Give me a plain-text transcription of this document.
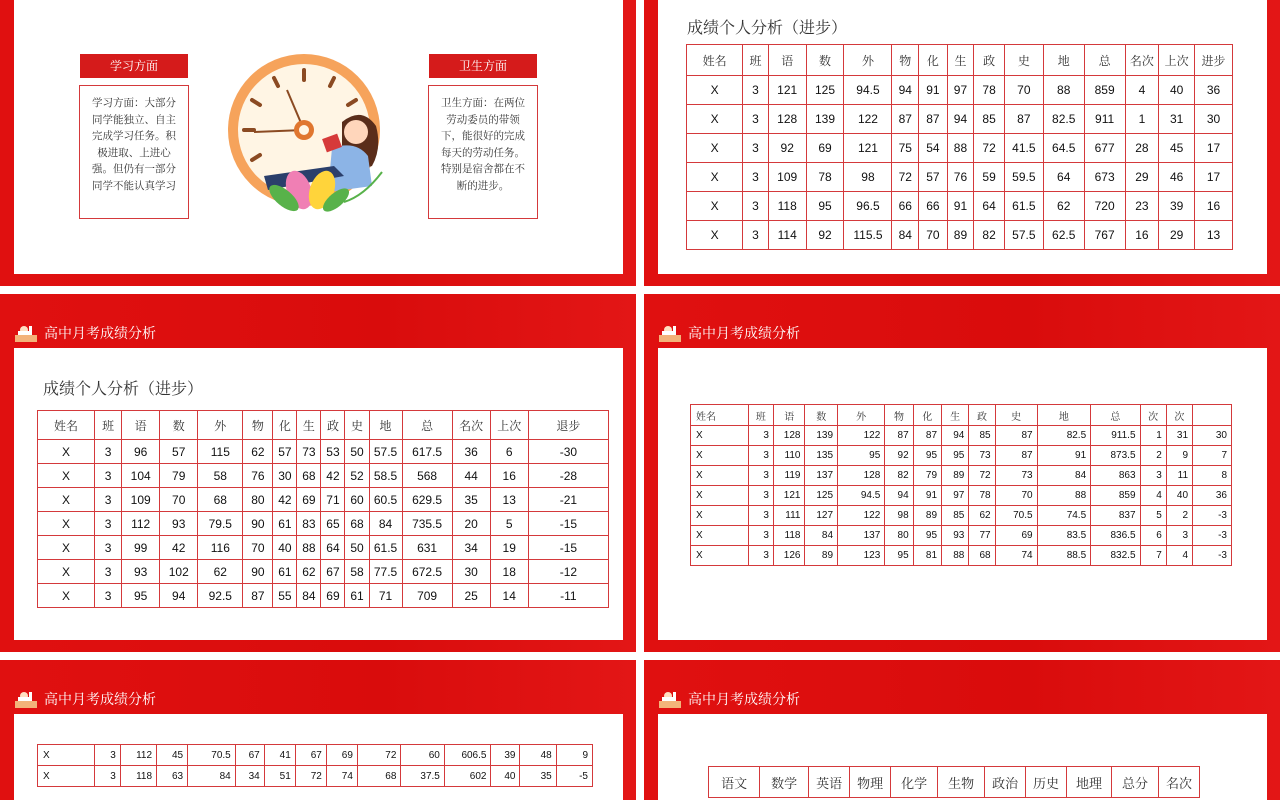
学习方面
学习方面：大部分同学能独立、自主完成学习任务。积极进取、上进心强。但仍有一部分同学不能认真学习
卫生方面
卫生方面：在两位劳动委员的带领下，能很好的完成每天的劳动任务。特别是宿舍都在不断的进步。
成绩个人分析（进步）
姓名	班	语	数	外	物	化	生	政	史	地	总	名次	上次	进步
X	3	121	125	94.5	94	91	97	78	70	88	859	4	40	36
X	3	128	139	122	87	87	94	85	87	82.5	911	1	31	30
X	3	92	69	121	75	54	88	72	41.5	64.5	677	28	45	17
X	3	109	78	98	72	57	76	59	59.5	64	673	29	46	17
X	3	118	95	96.5	66	66	91	64	61.5	62	720	23	39	16
X	3	114	92	115.5	84	70	89	82	57.5	62.5	767	16	29	13
高中月考成绩分析
成绩个人分析（进步）
姓名	班	语	数	外	物	化	生	政	史	地	总	名次	上次	退步
X	3	96	57	115	62	57	73	53	50	57.5	617.5	36	6	-30
X	3	104	79	58	76	30	68	42	52	58.5	568	44	16	-28
X	3	109	70	68	80	42	69	71	60	60.5	629.5	35	13	-21
X	3	112	93	79.5	90	61	83	65	68	84	735.5	20	5	-15
X	3	99	42	116	70	40	88	64	50	61.5	631	34	19	-15
X	3	93	102	62	90	61	62	67	58	77.5	672.5	30	18	-12
X	3	95	94	92.5	87	55	84	69	61	71	709	25	14	-11
高中月考成绩分析
姓名	班	语	数	外	物	化	生	政	史	地	总	次	次	
X	3	128	139	122	87	87	94	85	87	82.5	911.5	1	31	30
X	3	110	135	95	92	95	95	73	87	91	873.5	2	9	7
X	3	119	137	128	82	79	89	72	73	84	863	3	11	8
X	3	121	125	94.5	94	91	97	78	70	88	859	4	40	36
X	3	111	127	122	98	89	85	62	70.5	74.5	837	5	2	-3
X	3	118	84	137	80	95	93	77	69	83.5	836.5	6	3	-3
X	3	126	89	123	95	81	88	68	74	88.5	832.5	7	4	-3
高中月考成绩分析
X	3	112	45	70.5	67	41	67	69	72	60	606.5	39	48	9
X	3	118	63	84	34	51	72	74	68	37.5	602	40	35	-5
高中月考成绩分析
语文	数学	英语	物理	化学	生物	政治	历史	地理	总分	名次
